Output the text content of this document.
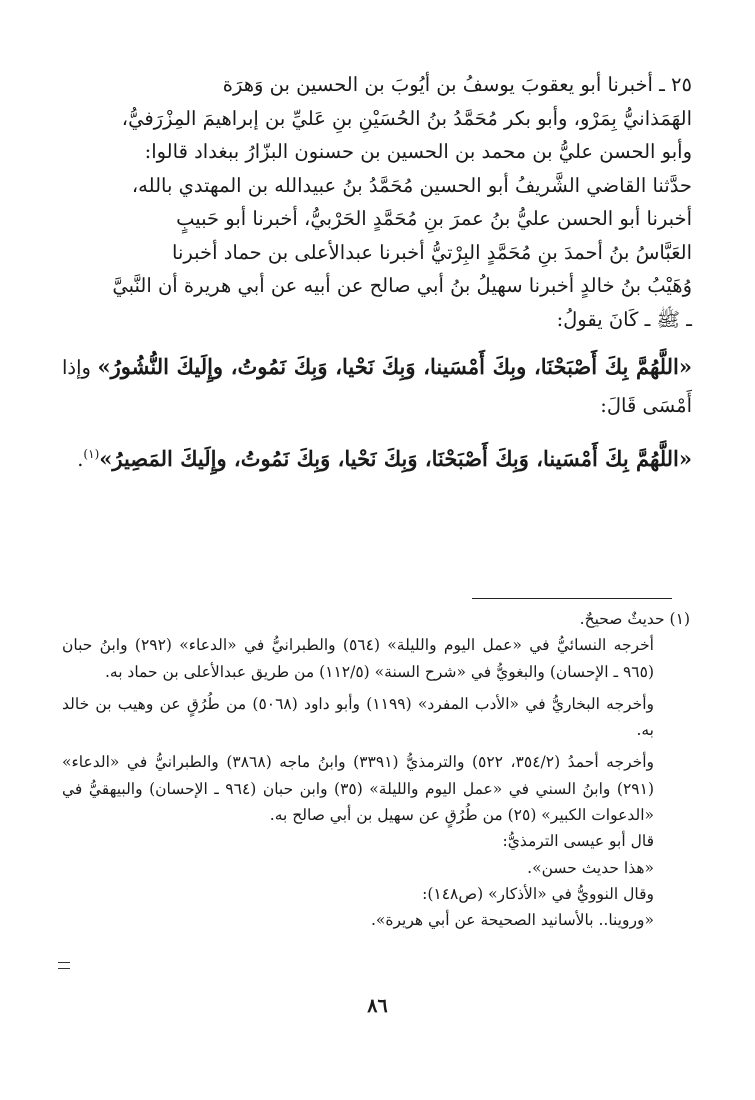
٢٥ ـ أخبرنا أبو يعقوبَ يوسفُ بن أيُوبَ بن الحسين بن وَهرَة

الهَمَذانيُّ بِمَرْو، وأبو بكر مُحَمَّدُ بنُ الحُسَيْنِ بنِ عَليِّ بن إبراهيمَ المِزْرَفيُّ،

وأبو الحسن عليُّ بن محمد بن الحسين بن حسنون البزّارُ ببغداد قالوا:

حدَّثنا القاضي الشَّريفُ أبو الحسين مُحَمَّدُ بنُ عبيدالله بن المهتدي بالله،

أخبرنا أبو الحسن عليُّ بنُ عمرَ بنِ مُحَمَّدٍ الحَرْبيُّ، أخبرنا أبو حَبيبٍ

العَبَّاسُ بنُ أحمدَ بنِ مُحَمَّدٍ البِرْتيُّ أخبرنا عبدالأعلى بن حماد أخبرنا

وُهَيْبُ بنُ خالدٍ أخبرنا سهيلُ بنُ أبي صالح عن أبيه عن أبي هريرة أن النَّبيَّ

ـ ﷺ ـ كَانَ يقولُ:

«اللَّهُمَّ بِكَ أَصْبَحْنَا، وبِكَ أَمْسَينا، وَبِكَ نَحْيا، وَبِكَ نَمُوتُ، وإِلَيكَ النُّشُورُ» وإذا أَمْسَى قَالَ:

«اللَّهُمَّ بِكَ أَمْسَينا، وَبِكَ أَصْبَحْنَا، وَبِكَ نَحْيا، وَبِكَ نَمُوتُ، وإِلَيكَ المَصِيرُ»$^{(١)}$.

(١) حديثٌ صحيحٌ.

أخرجه النسائيُّ في «عمل اليوم والليلة» (٥٦٤) والطبرانيُّ في «الدعاء» (٢٩٢) وابنُ حبان (٩٦٥ ـ الإحسان) والبغويُّ في «شرح السنة» (١١٢/٥) من طريق عبدالأعلى بن حماد به.

وأخرجه البخاريُّ في «الأدب المفرد» (١١٩٩) وأبو داود (٥٠٦٨) من طُرُقٍ عن وهيب بن خالد به.

وأخرجه أحمدُ (٣٥٤/٢، ٥٢٢) والترمذيُّ (٣٣٩١) وابنُ ماجه (٣٨٦٨) والطبرانيُّ في «الدعاء» (٢٩١) وابنُ السني في «عمل اليوم والليلة» (٣٥) وابن حبان (٩٦٤ ـ الإحسان) والبيهقيُّ في «الدعوات الكبير» (٢٥) من طُرُقٍ عن سهيل بن أبي صالح به.

قال أبو عيسى الترمذيُّ:

«هذا حديث حسن».

وقال النوويُّ في «الأذكار» (ص١٤٨):

«وروينا.. بالأسانيد الصحيحة عن أبي هريرة».

٨٦
